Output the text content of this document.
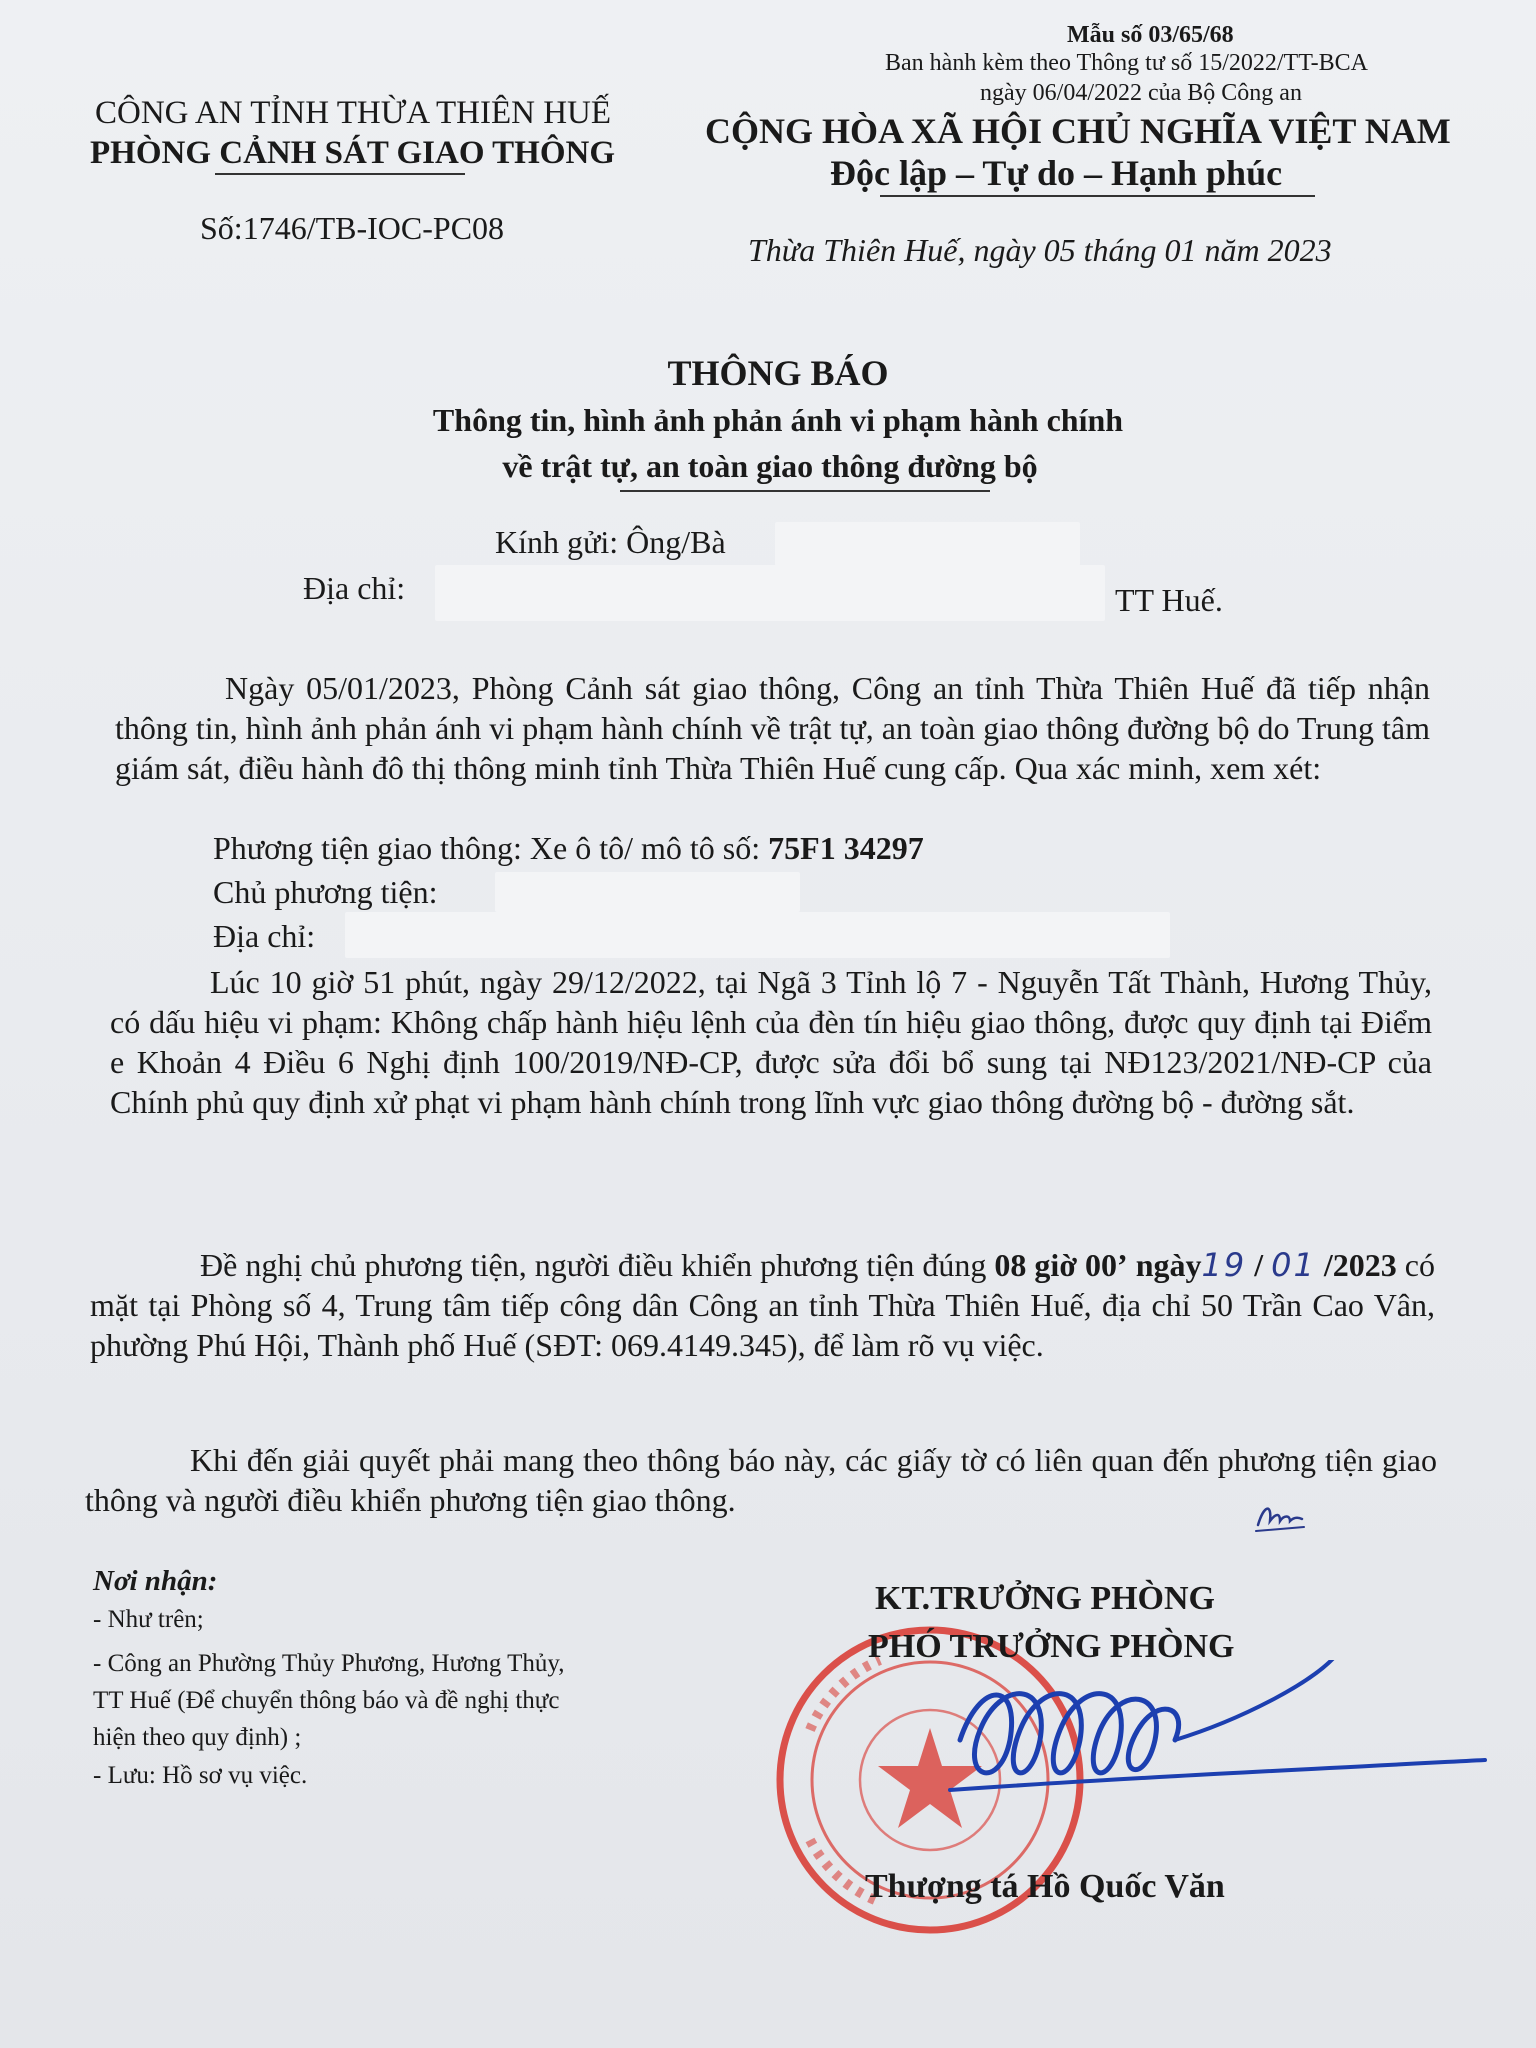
Mẫu số 03/65/68
Ban hành kèm theo Thông tư số 15/2022/TT-BCA
ngày 06/04/2022 của Bộ Công an
CÔNG AN TỈNH THỪA THIÊN HUẾ
PHÒNG CẢNH SÁT GIAO THÔNG
CỘNG HÒA XÃ HỘI CHỦ NGHĨA VIỆT NAM
Độc lập – Tự do – Hạnh phúc
Số:1746/TB-IOC-PC08
Thừa Thiên Huế, ngày 05 tháng 01 năm 2023
THÔNG BÁO
Thông tin, hình ảnh phản ánh vi phạm hành chính
về trật tự, an toàn giao thông đường bộ
Kính gửi: Ông/Bà
Địa chỉ:	TT Huế.
Ngày 05/01/2023, Phòng Cảnh sát giao thông, Công an tỉnh Thừa Thiên Huế đã tiếp nhận thông tin, hình ảnh phản ánh vi phạm hành chính về trật tự, an toàn giao thông đường bộ do Trung tâm giám sát, điều hành đô thị thông minh tỉnh Thừa Thiên Huế cung cấp. Qua xác minh, xem xét:
Phương tiện giao thông: Xe ô tô/ mô tô số: 75F1 34297
Chủ phương tiện:
Địa chỉ:
Lúc 10 giờ 51 phút, ngày 29/12/2022, tại Ngã 3 Tỉnh lộ 7 - Nguyễn Tất Thành, Hương Thủy, có dấu hiệu vi phạm: Không chấp hành hiệu lệnh của đèn tín hiệu giao thông, được quy định tại Điểm e Khoản 4 Điều 6 Nghị định 100/2019/NĐ-CP, được sửa đổi bổ sung tại NĐ123/2021/NĐ-CP của Chính phủ quy định xử phạt vi phạm hành chính trong lĩnh vực giao thông đường bộ - đường sắt.
Đề nghị chủ phương tiện, người điều khiển phương tiện đúng 08 giờ 00’ ngày19 / 01 /2023 có mặt tại Phòng số 4, Trung tâm tiếp công dân Công an tỉnh Thừa Thiên Huế, địa chỉ 50 Trần Cao Vân, phường Phú Hội, Thành phố Huế (SĐT: 069.4149.345), để làm rõ vụ việc.
Khi đến giải quyết phải mang theo thông báo này, các giấy tờ có liên quan đến phương tiện giao thông và người điều khiển phương tiện giao thông.
Nơi nhận:
- Như trên;
- Công an Phường Thủy Phương, Hương Thủy,
TT Huế (Để chuyển thông báo và đề nghị thực
hiện theo quy định) ;
- Lưu: Hồ sơ vụ việc.
KT.TRƯỞNG PHÒNG
PHÓ TRƯỞNG PHÒNG
Thượng tá Hồ Quốc Văn
